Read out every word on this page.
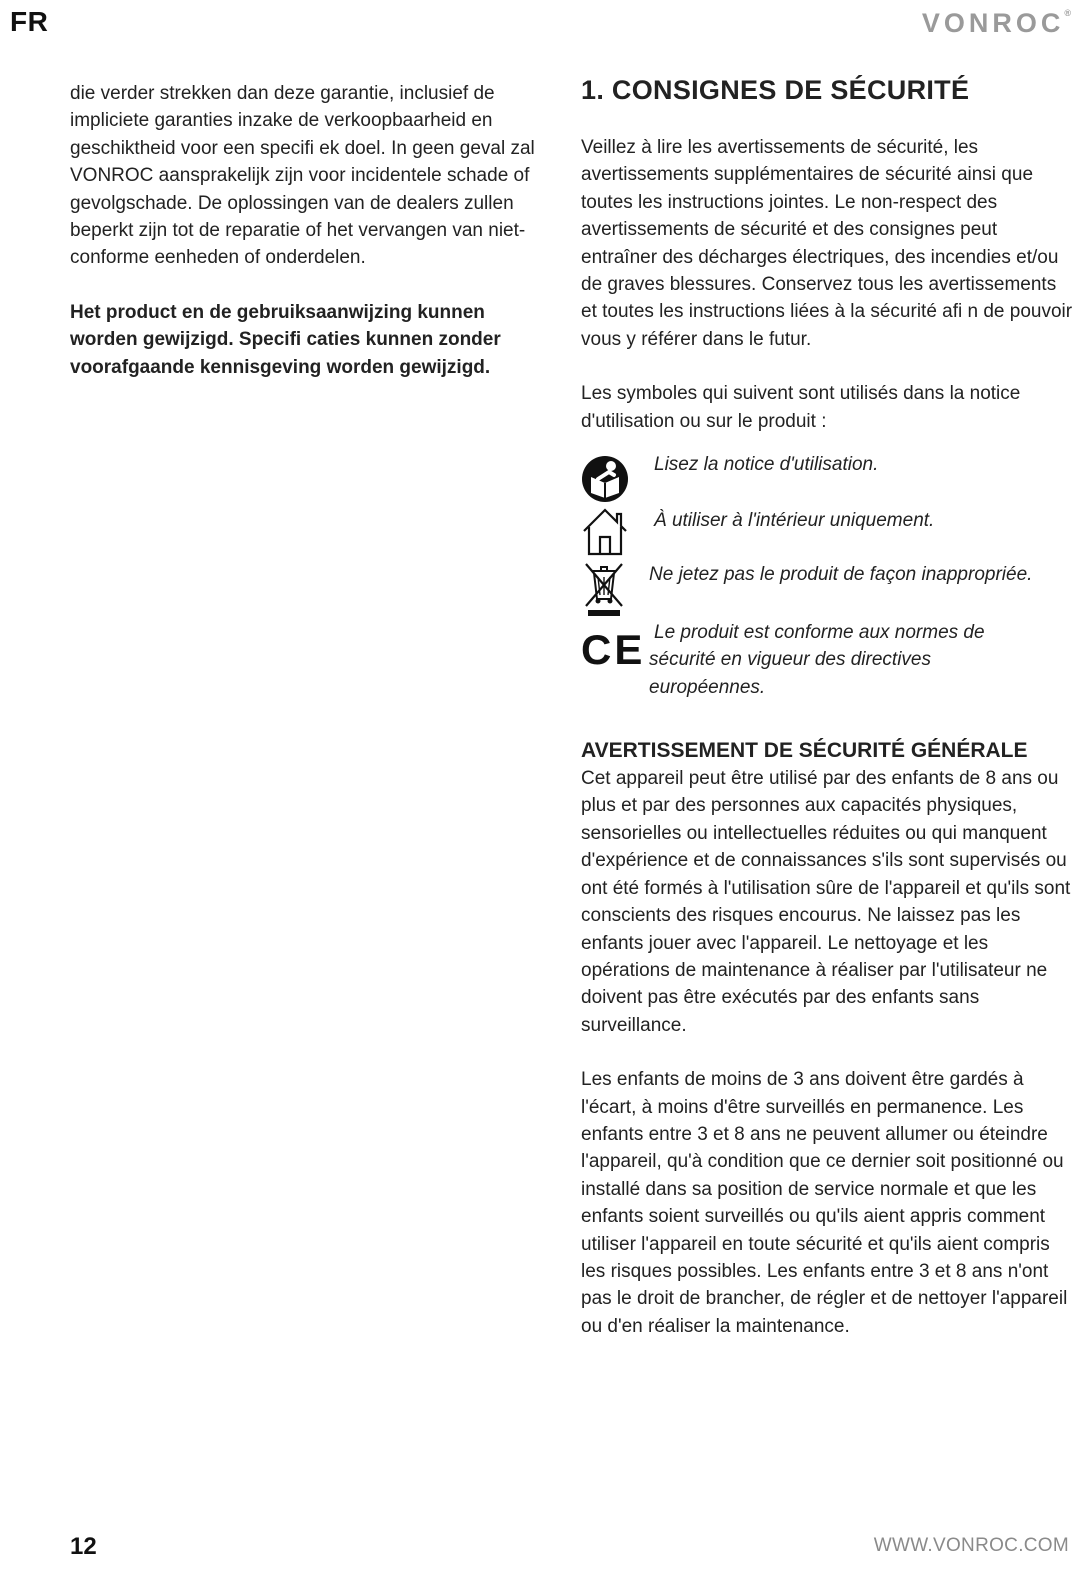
FR	VONROC®

die verder strekken dan deze garantie, inclusief de impliciete garanties inzake de verkoopbaarheid en geschiktheid voor een specifi ek doel. In geen geval zal VONROC aansprakelijk zijn voor incidentele schade of gevolgschade. De oplossingen van de dealers zullen beperkt zijn tot de reparatie of het vervangen van niet-conforme eenheden of onderdelen.

Het product en de gebruiksaanwijzing kunnen worden gewijzigd. Specifi caties kunnen zonder voorafgaande kennisgeving worden gewijzigd.

1. CONSIGNES DE SÉCURITÉ

Veillez à lire les avertissements de sécurité, les avertissements supplémentaires de sécurité ainsi que toutes les instructions jointes. Le non-respect des avertissements de sécurité et des consignes peut entraîner des décharges électriques, des incendies et/ou de graves blessures. Conservez tous les avertissements et toutes les instructions liées à la sécurité afi n de pouvoir vous y référer dans le futur.

Les symboles qui suivent sont utilisés dans la notice d'utilisation ou sur le produit :

Lisez la notice d'utilisation.
À utiliser à l'intérieur uniquement.
Ne jetez pas le produit de façon inappropriée.
CE Le produit est conforme aux normes de sécurité en vigueur des directives européennes.
AVERTISSEMENT DE SÉCURITÉ GÉNÉRALE

Cet appareil peut être utilisé par des enfants de 8 ans ou plus et par des personnes aux capacités physiques, sensorielles ou intellectuelles réduites ou qui manquent d'expérience et de connaissances s'ils sont supervisés ou ont été formés à l'utilisation sûre de l'appareil et qu'ils sont conscients des risques encourus. Ne laissez pas les enfants jouer avec l'appareil. Le nettoyage et les opérations de maintenance à réaliser par l'utilisateur ne doivent pas être exécutés par des enfants sans surveillance.

Les enfants de moins de 3 ans doivent être gardés à l'écart, à moins d'être surveillés en permanence. Les enfants entre 3 et 8 ans ne peuvent allumer ou éteindre l'appareil, qu'à condition que ce dernier soit positionné ou installé dans sa position de service normale et que les enfants soient surveillés ou qu'ils aient appris comment utiliser l'appareil en toute sécurité et qu'ils aient compris les risques possibles. Les enfants entre 3 et 8 ans n'ont pas le droit de brancher, de régler et de nettoyer l'appareil ou d'en réaliser la maintenance.

12	WWW.VONROC.COM
